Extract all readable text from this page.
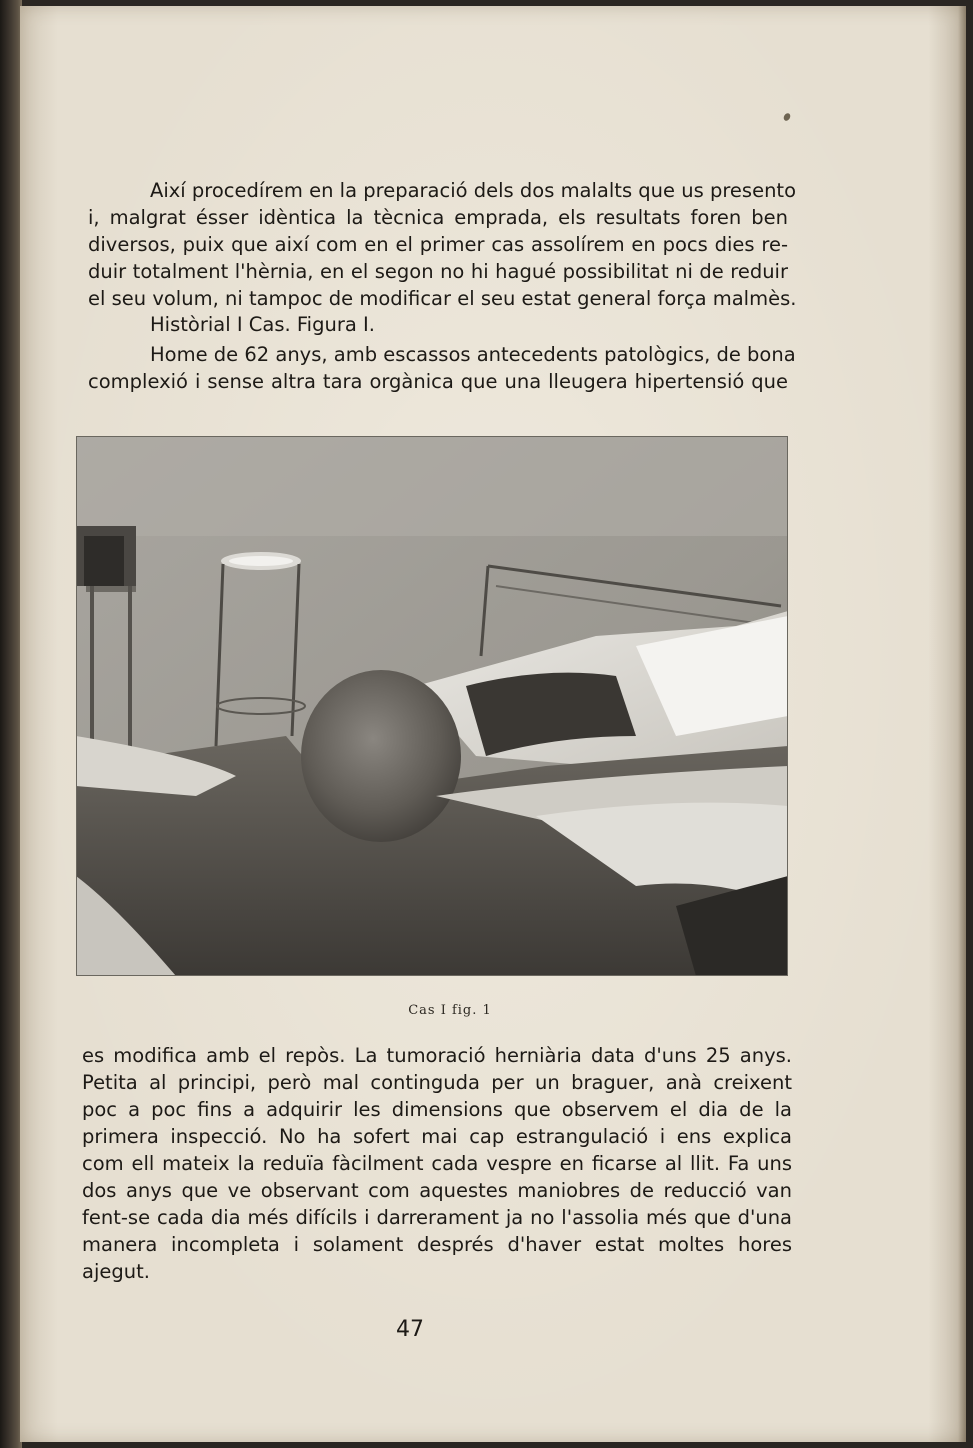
Així procedírem en la preparació dels dos malalts que us presento
i, malgrat ésser idèntica la tècnica emprada, els resultats foren ben
diversos, puix que així com en el primer cas assolírem en pocs dies re-
duir totalment l'hèrnia, en el segon no hi hagué possibilitat ni de reduir
el seu volum, ni tampoc de modificar el seu estat general força malmès.
Històrial I Cas. Figura I.
Home de 62 anys, amb escassos antecedents patològics, de bona
complexió i sense altra tara orgànica que una lleugera hipertensió que
Cas I fig. 1
es modifica amb el repòs. La tumoració herniària data d'uns 25 anys.
Petita al principi, però mal continguda per un braguer, anà creixent
poc a poc fins a adquirir les dimensions que observem el dia de la
primera inspecció. No ha sofert mai cap estrangulació i ens explica
com ell mateix la reduïa fàcilment cada vespre en ficarse al llit. Fa uns
dos anys que ve observant com aquestes maniobres de reducció van
fent-se cada dia més difícils i darrerament ja no l'assolia més que d'una
manera incompleta i solament després d'haver estat moltes hores
ajegut.
47
